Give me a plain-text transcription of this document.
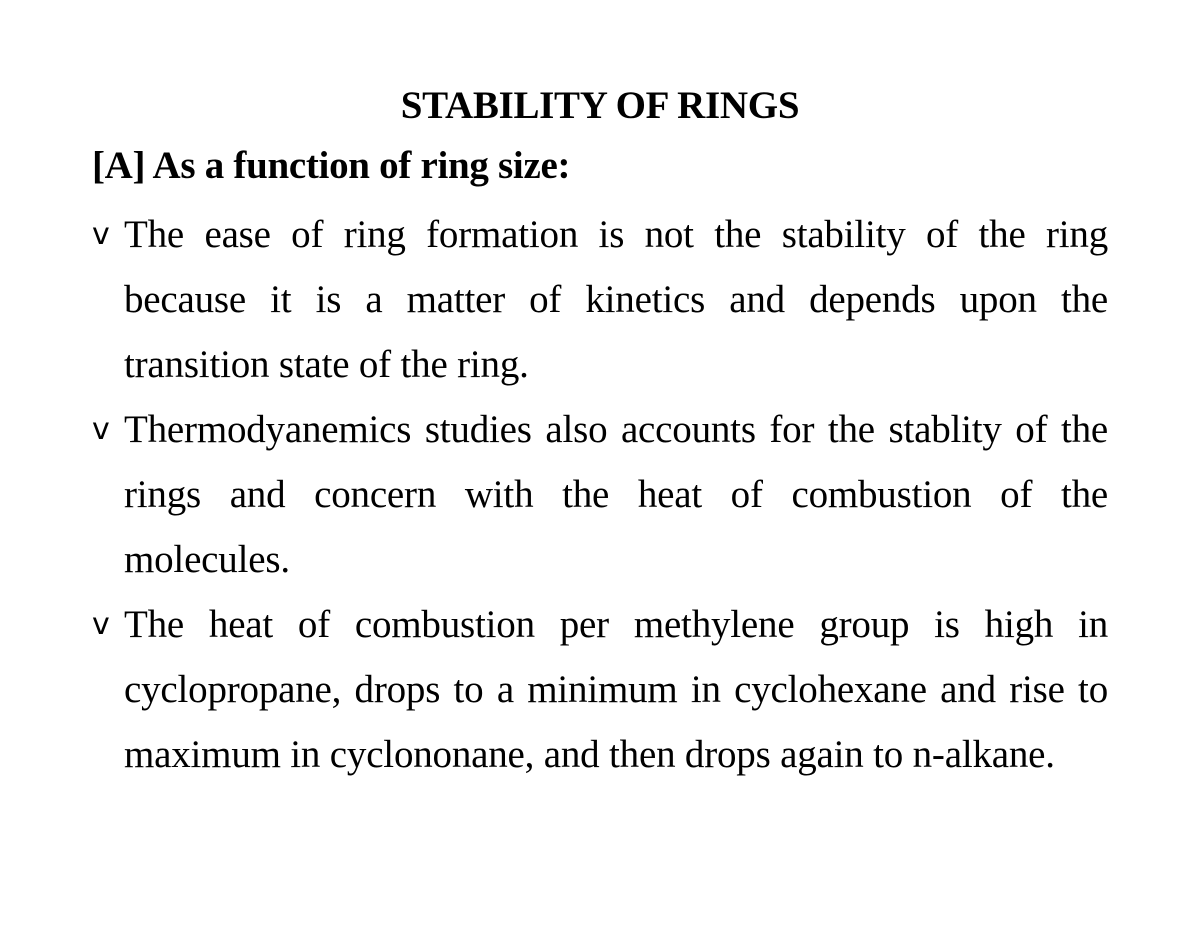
STABILITY OF RINGS
[A] As a function of ring size:
v The ease of ring formation is not the stability of the ring because it is a matter of kinetics and depends upon the transition state of the ring.
v Thermodyanemics studies also accounts for the stablity of the rings and concern with the heat of combustion of the molecules.
v The heat of combustion per methylene group is high in cyclopropane, drops to a minimum in cyclohexane and rise to maximum in cyclononane, and then drops again to n-alkane.
